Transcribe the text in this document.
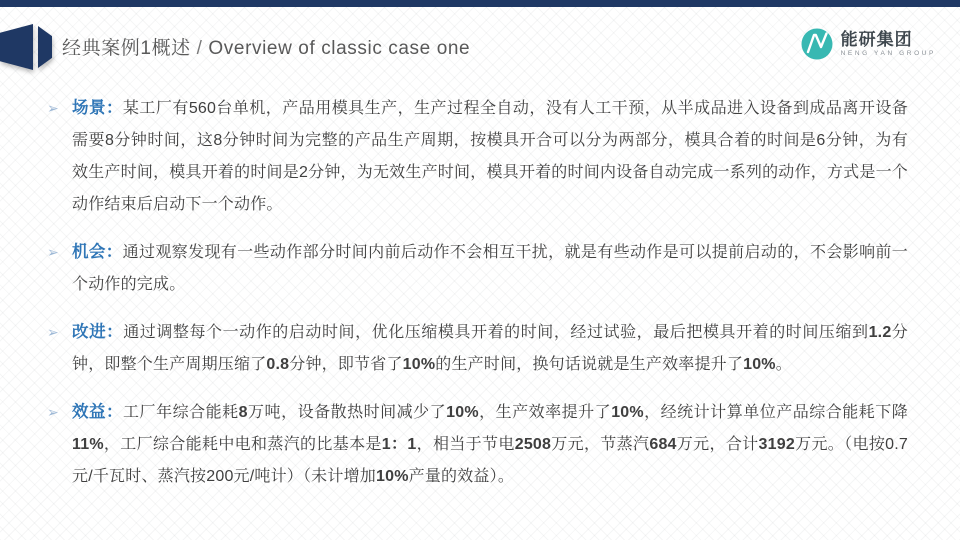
经典案例1概述 / Overview of classic case one	能研集团
NENG YAN GROUP
➢ 场景：某工厂有560台单机，产品用模具生产，生产过程全自动，没有人工干预，从半成品进入设备到成品离开设备需要8分钟时间，这8分钟时间为完整的产品生产周期，按模具开合可以分为两部分，模具合着的时间是6分钟，为有效生产时间，模具开着的时间是2分钟，为无效生产时间，模具开着的时间内设备自动完成一系列的动作，方式是一个动作结束后启动下一个动作。
➢ 机会：通过观察发现有一些动作部分时间内前后动作不会相互干扰，就是有些动作是可以提前启动的，不会影响前一个动作的完成。
➢ 改进：通过调整每个一动作的启动时间，优化压缩模具开着的时间，经过试验，最后把模具开着的时间压缩到1.2分钟，即整个生产周期压缩了0.8分钟，即节省了10%的生产时间，换句话说就是生产效率提升了10%。
➢ 效益：工厂年综合能耗8万吨，设备散热时间减少了10%，生产效率提升了10%，经统计计算单位产品综合能耗下降11%，工厂综合能耗中电和蒸汽的比基本是1：1，相当于节电2508万元，节蒸汽684万元，合计3192万元。（电按0.7元/千瓦时、蒸汽按200元/吨计）（未计增加10%产量的效益）。
